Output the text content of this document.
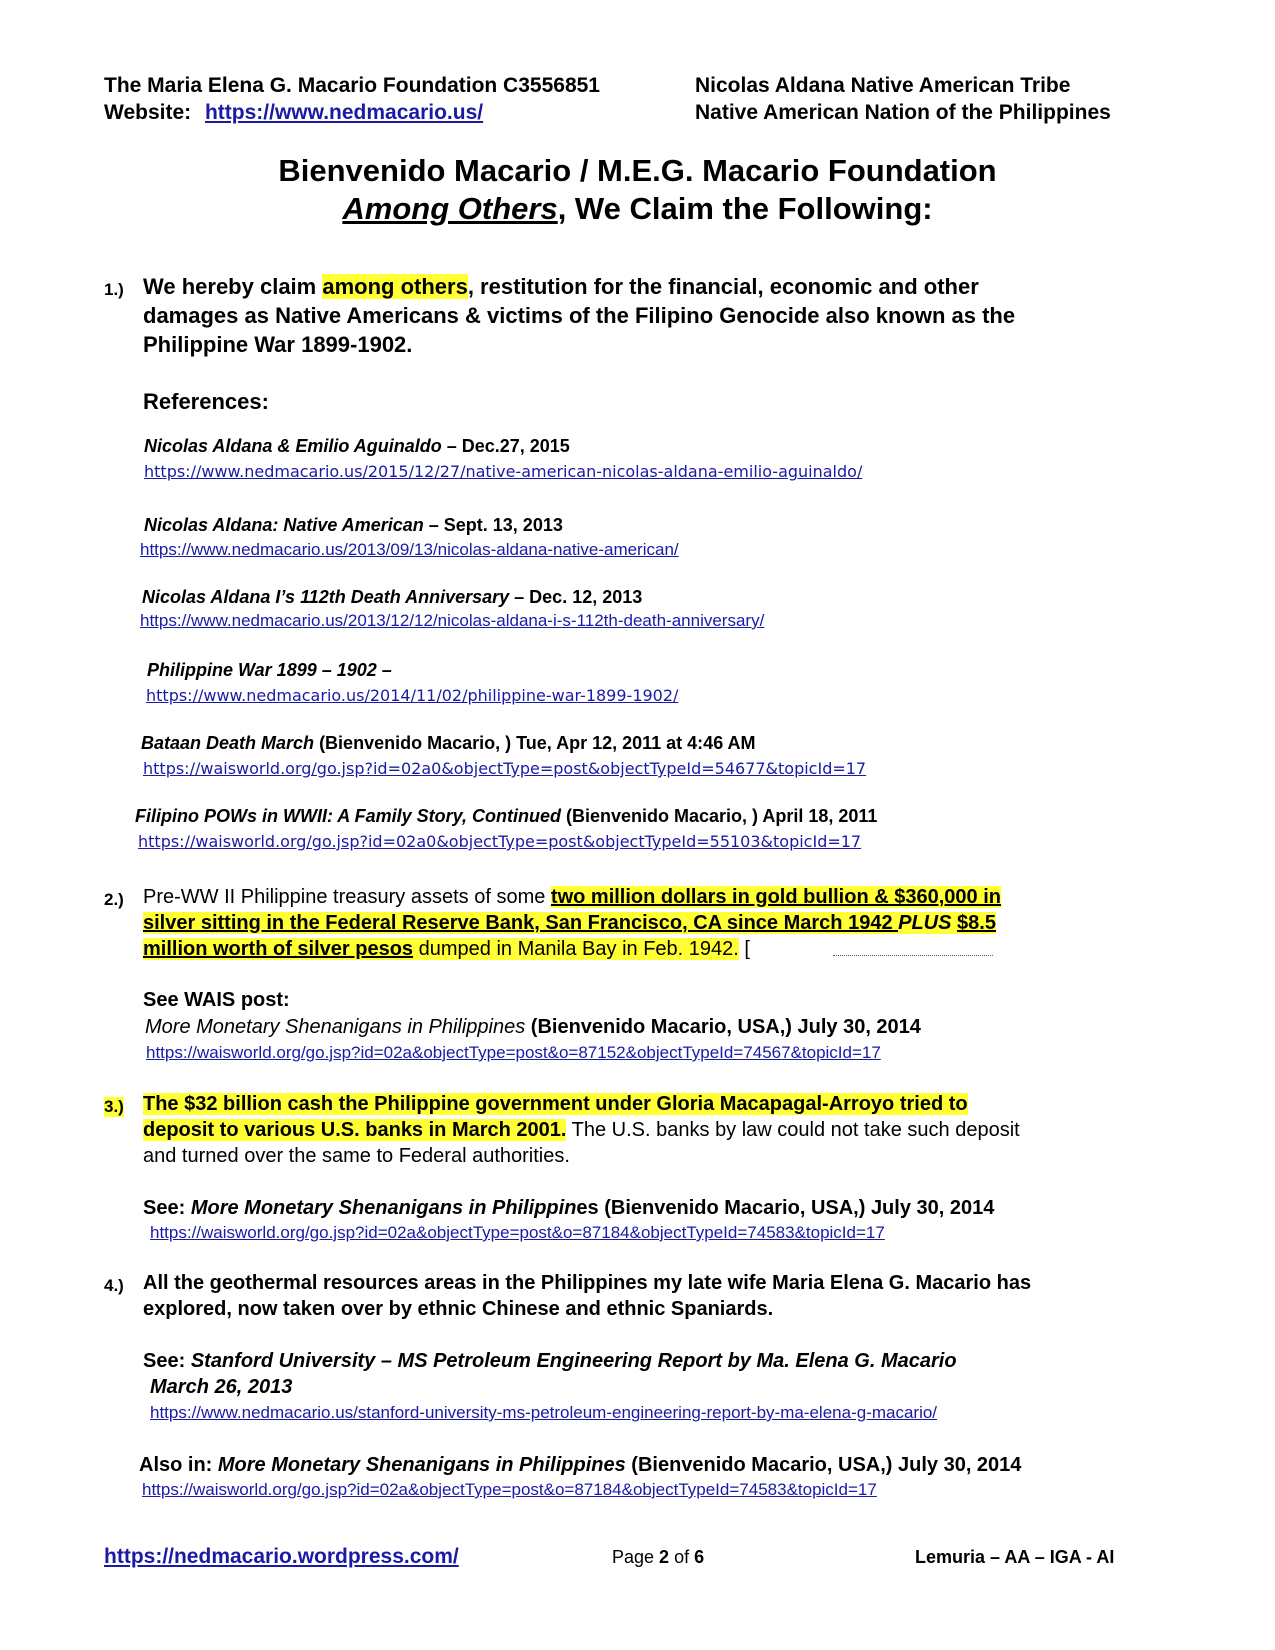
The Maria Elena G. Macario Foundation C3556851
Website: https://www.nedmacario.us/
Nicolas Aldana Native American Tribe
Native American Nation of the Philippines
Bienvenido Macario / M.E.G. Macario Foundation
Among Others, We Claim the Following:
1.) We hereby claim among others, restitution for the financial, economic and other
damages as Native Americans & victims of the Filipino Genocide also known as the
Philippine War 1899-1902.
References:
Nicolas Aldana & Emilio Aguinaldo – Dec.27, 2015
https://www.nedmacario.us/2015/12/27/native-american-nicolas-aldana-emilio-aguinaldo/
Nicolas Aldana: Native American – Sept. 13, 2013
https://www.nedmacario.us/2013/09/13/nicolas-aldana-native-american/
Nicolas Aldana I’s 112th Death Anniversary – Dec. 12, 2013
https://www.nedmacario.us/2013/12/12/nicolas-aldana-i-s-112th-death-anniversary/
Philippine War 1899 – 1902 –
https://www.nedmacario.us/2014/11/02/philippine-war-1899-1902/
Bataan Death March (Bienvenido Macario, ) Tue, Apr 12, 2011 at 4:46 AM
https://waisworld.org/go.jsp?id=02a0&objectType=post&objectTypeId=54677&topicId=17
Filipino POWs in WWII: A Family Story, Continued (Bienvenido Macario, ) April 18, 2011
https://waisworld.org/go.jsp?id=02a0&objectType=post&objectTypeId=55103&topicId=17
2.) Pre-WW II Philippine treasury assets of some two million dollars in gold bullion & $360,000 in
silver sitting in the Federal Reserve Bank, San Francisco, CA since March 1942 PLUS $8.5
million worth of silver pesos dumped in Manila Bay in Feb. 1942. [
See WAIS post:
More Monetary Shenanigans in Philippines (Bienvenido Macario, USA,) July 30, 2014
https://waisworld.org/go.jsp?id=02a&objectType=post&o=87152&objectTypeId=74567&topicId=17
3.) The $32 billion cash the Philippine government under Gloria Macapagal-Arroyo tried to
deposit to various U.S. banks in March 2001. The U.S. banks by law could not take such deposit
and turned over the same to Federal authorities.
See: More Monetary Shenanigans in Philippines (Bienvenido Macario, USA,) July 30, 2014
https://waisworld.org/go.jsp?id=02a&objectType=post&o=87184&objectTypeId=74583&topicId=17
4.) All the geothermal resources areas in the Philippines my late wife Maria Elena G. Macario has
explored, now taken over by ethnic Chinese and ethnic Spaniards.
See: Stanford University – MS Petroleum Engineering Report by Ma. Elena G. Macario
March 26, 2013
https://www.nedmacario.us/stanford-university-ms-petroleum-engineering-report-by-ma-elena-g-macario/
Also in: More Monetary Shenanigans in Philippines (Bienvenido Macario, USA,) July 30, 2014
https://waisworld.org/go.jsp?id=02a&objectType=post&o=87184&objectTypeId=74583&topicId=17
https://nedmacario.wordpress.com/	Page 2 of 6	Lemuria – AA – IGA - AI
